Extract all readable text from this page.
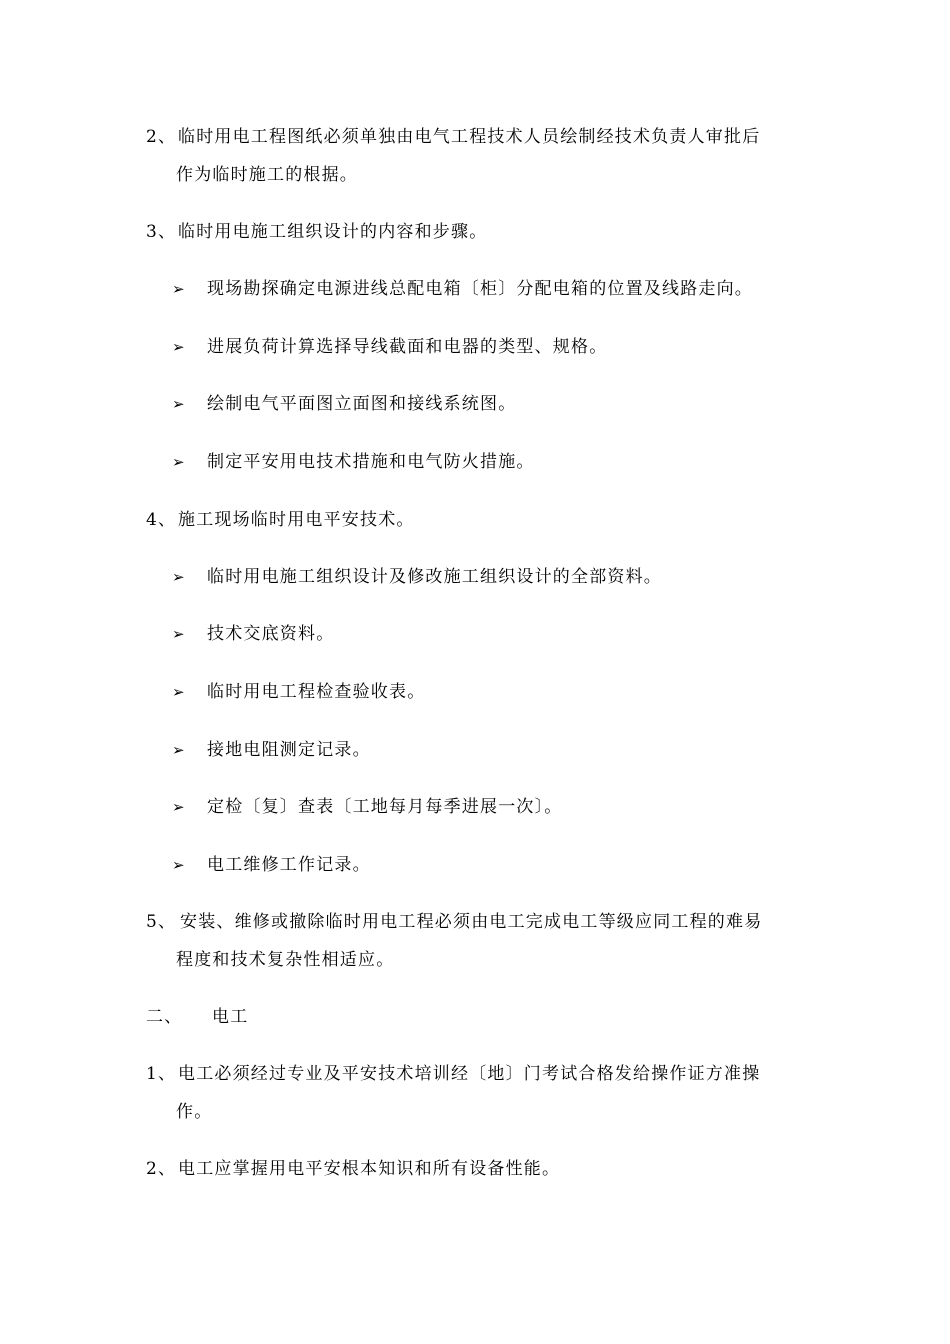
2、 临时用电工程图纸必须单独由电气工程技术人员绘制经技术负责人审批后
作为临时施工的根据。
3、 临时用电施工组织设计的内容和步骤。
➢ 现场勘探确定电源进线总配电箱〔柜〕分配电箱的位置及线路走向。
➢ 进展负荷计算选择导线截面和电器的类型、规格。
➢ 绘制电气平面图立面图和接线系统图。
➢ 制定平安用电技术措施和电气防火措施。
4、 施工现场临时用电平安技术。
➢ 临时用电施工组织设计及修改施工组织设计的全部资料。
➢ 技术交底资料。
➢ 临时用电工程检查验收表。
➢ 接地电阻测定记录。
➢ 定检〔复〕查表〔工地每月每季进展一次〕。
➢ 电工维修工作记录。
5、 安装、维修或撤除临时用电工程必须由电工完成电工等级应同工程的难易
程度和技术复杂性相适应。
二、 电工
1、 电工必须经过专业及平安技术培训经〔地〕门考试合格发给操作证方准操
作。
2、 电工应掌握用电平安根本知识和所有设备性能。
